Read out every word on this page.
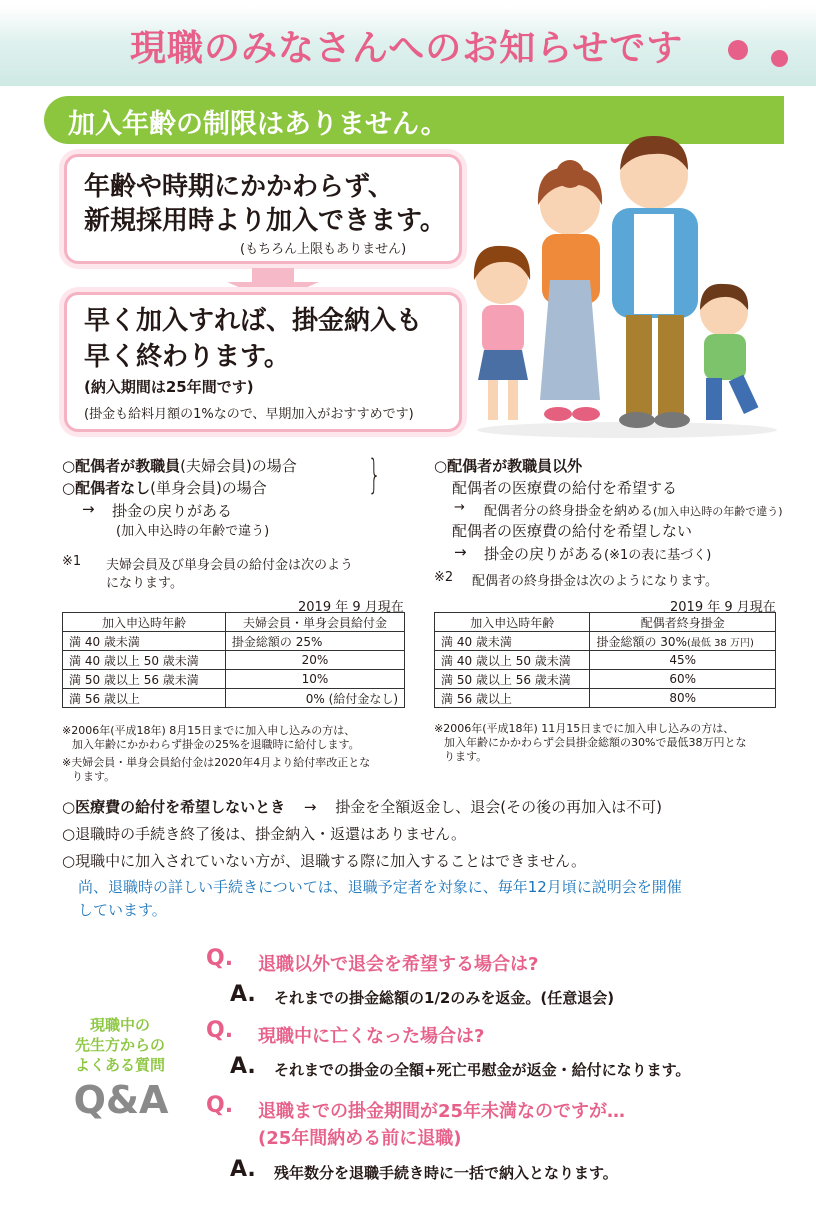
現職のみなさんへのお知らせです
加入年齢の制限はありません。
年齢や時期にかかわらず、
新規採用時より加入できます。
(もちろん上限もありません)
早く加入すれば、掛金納入も
早く終わります。
(納入期間は25年間です)
(掛金も給料月額の1%なので、早期加入がおすすめです)
○配偶者が教職員(夫婦会員)の場合
○配偶者なし(単身会員)の場合	}
→ 掛金の戻りがある
(加入申込時の年齢で違う)
※1 夫婦会員及び単身会員の給付金は次のよう
になります。
2019 年 9 月現在
加入申込時年齢	夫婦会員・単身会員給付金
満 40 歳未満	掛金総額の 25%
満 40 歳以上 50 歳未満	20%
満 50 歳以上 56 歳未満	10%
満 56 歳以上	0% (給付金なし)
※2006年(平成18年) 8月15日までに加入申し込みの方は、
加入年齢にかかわらず掛金の25%を退職時に給付します。
※夫婦会員・単身会員給付金は2020年4月より給付率改正とな
ります。
○配偶者が教職員以外
配偶者の医療費の給付を希望する
→ 配偶者分の終身掛金を納める(加入申込時の年齢で違う)
配偶者の医療費の給付を希望しない
→ 掛金の戻りがある(※1の表に基づく)
※2 配偶者の終身掛金は次のようになります。
2019 年 9 月現在
加入申込時年齢	配偶者終身掛金
満 40 歳未満	掛金総額の 30%(最低 38 万円)
満 40 歳以上 50 歳未満	45%
満 50 歳以上 56 歳未満	60%
満 56 歳以上	80%
※2006年(平成18年) 11月15日までに加入申し込みの方は、
加入年齢にかかわらず会員掛金総額の30%で最低38万円とな
ります。
○医療費の給付を希望しないとき → 掛金を全額返金し、退会(その後の再加入は不可)
○退職時の手続き終了後は、掛金納入・返還はありません。
○現職中に加入されていない方が、退職する際に加入することはできません。
尚、退職時の詳しい手続きについては、退職予定者を対象に、毎年12月頃に説明会を開催
しています。
現職中の
先生方からの
よくある質問
Q&A
Q. 退職以外で退会を希望する場合は?
A. それまでの掛金総額の1/2のみを返金。(任意退会)
Q. 現職中に亡くなった場合は?
A. それまでの掛金の全額+死亡弔慰金が返金・給付になります。
Q. 退職までの掛金期間が25年未満なのですが…
(25年間納める前に退職)
A. 残年数分を退職手続き時に一括で納入となります。
